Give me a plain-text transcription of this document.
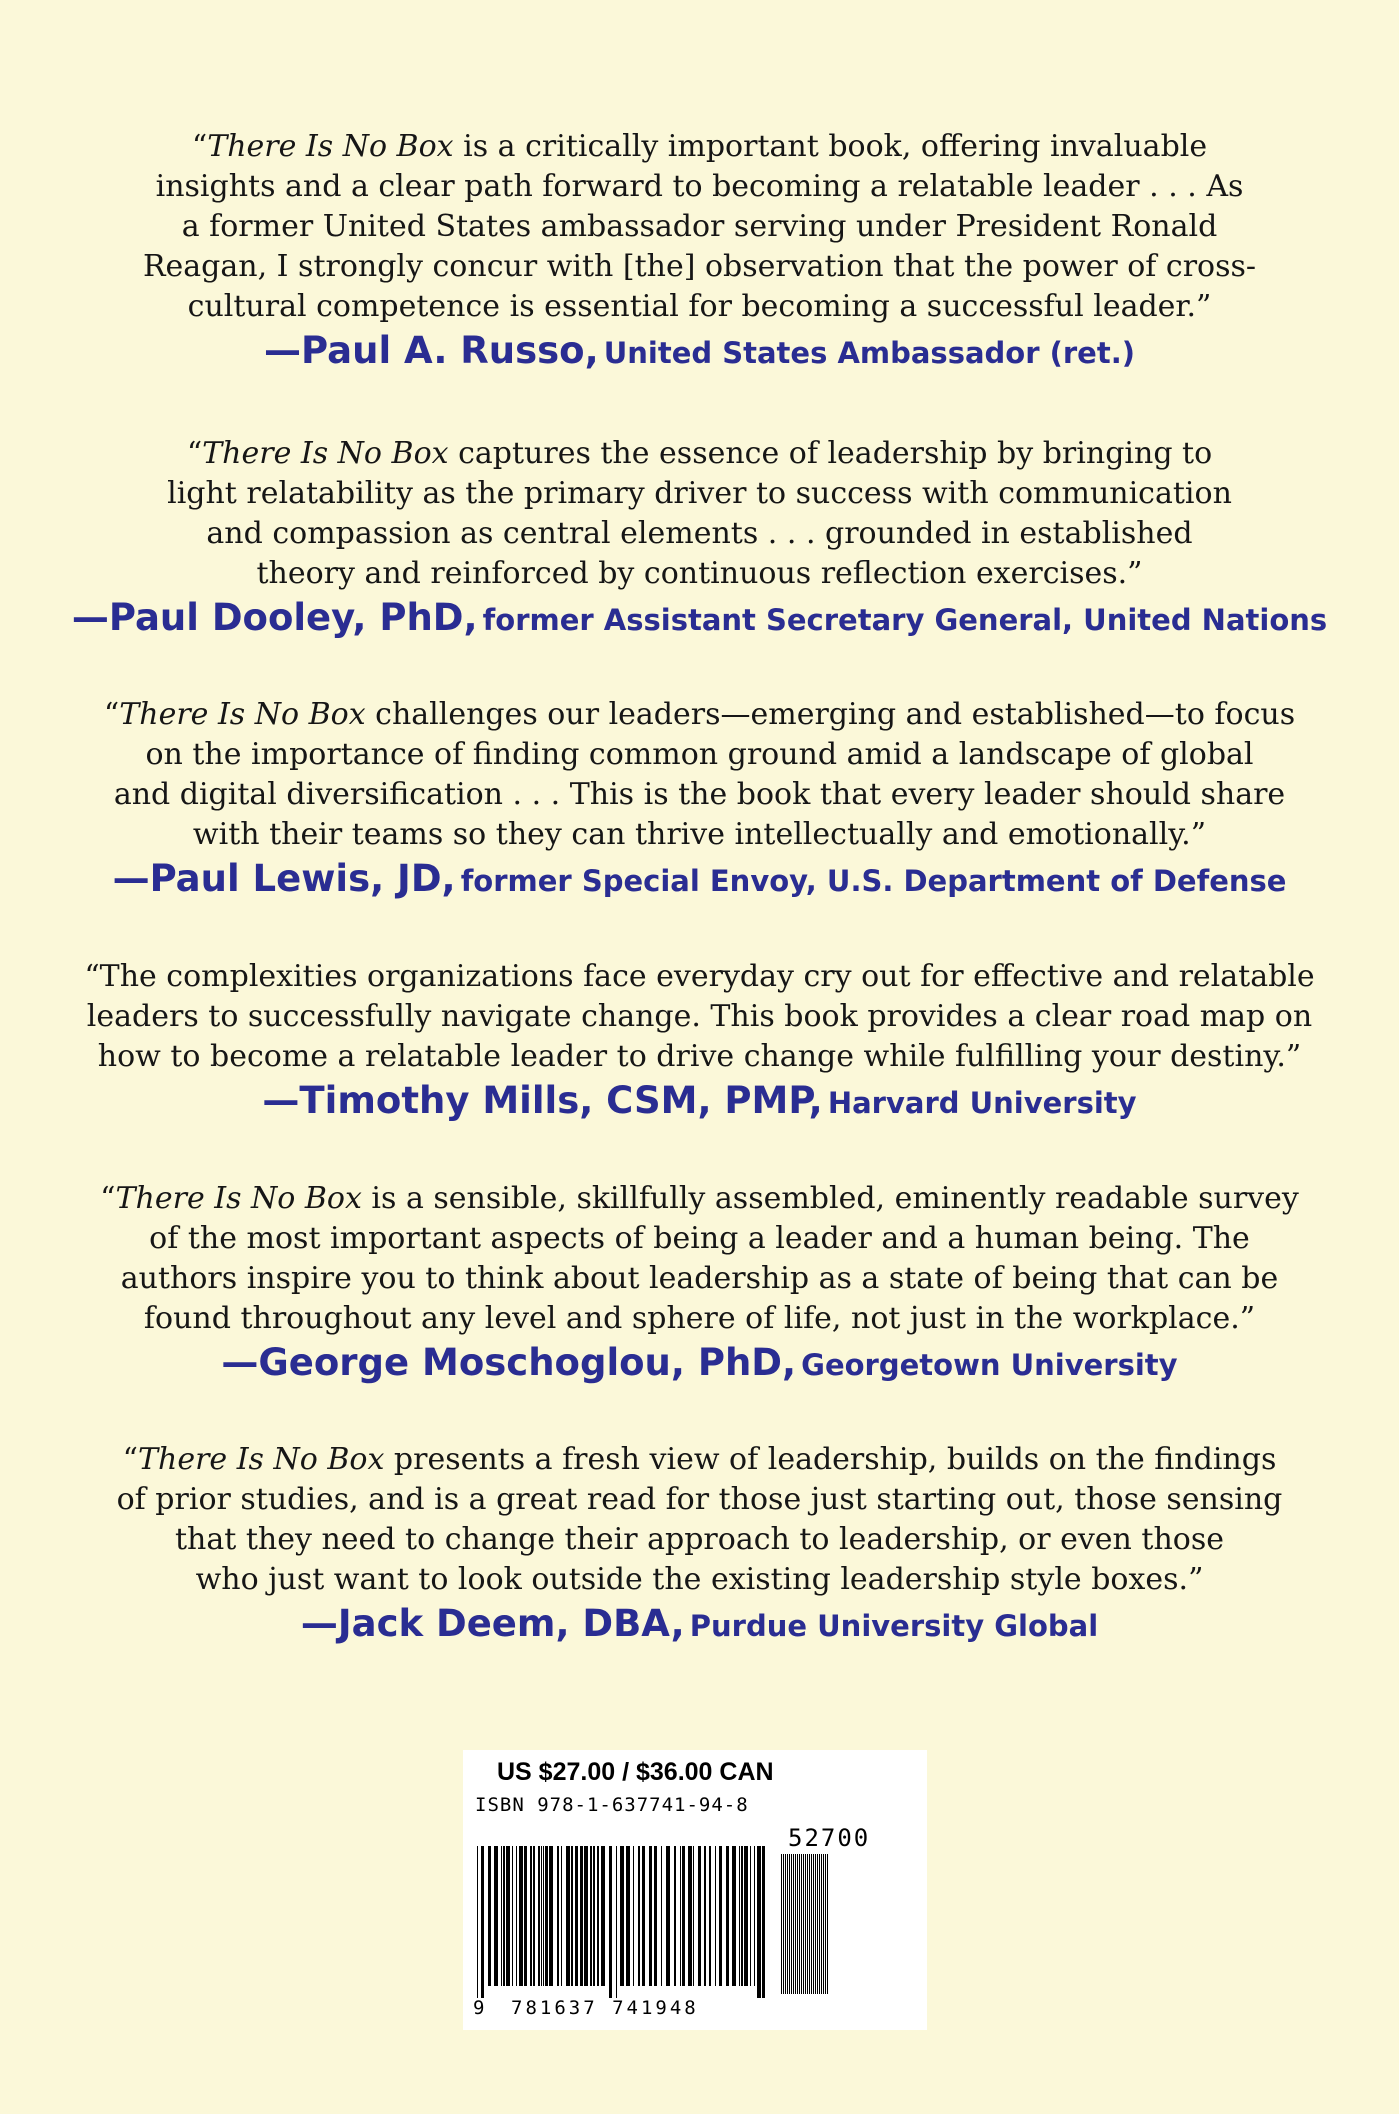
“There Is No Box is a critically important book, offering invaluable
insights and a clear path forward to becoming a relatable leader . . . As
a former United States ambassador serving under President Ronald
Reagan, I strongly concur with [the] observation that the power of cross-
cultural competence is essential for becoming a successful leader.”

—Paul A. Russo, United States Ambassador (ret.)

“There Is No Box captures the essence of leadership by bringing to
light relatability as the primary driver to success with communication
and compassion as central elements . . . grounded in established
theory and reinforced by continuous reflection exercises.”

—Paul Dooley, PhD, former Assistant Secretary General, United Nations

“There Is No Box challenges our leaders—emerging and established—to focus
on the importance of finding common ground amid a landscape of global
and digital diversification . . . This is the book that every leader should share
with their teams so they can thrive intellectually and emotionally.”

—Paul Lewis, JD, former Special Envoy, U.S. Department of Defense

“The complexities organizations face everyday cry out for effective and relatable
leaders to successfully navigate change. This book provides a clear road map on
how to become a relatable leader to drive change while fulfilling your destiny.”

—Timothy Mills, CSM, PMP, Harvard University

“There Is No Box is a sensible, skillfully assembled, eminently readable survey
of the most important aspects of being a leader and a human being. The
authors inspire you to think about leadership as a state of being that can be
found throughout any level and sphere of life, not just in the workplace.”

—George Moschoglou, PhD, Georgetown University

“There Is No Box presents a fresh view of leadership, builds on the findings
of prior studies, and is a great read for those just starting out, those sensing
that they need to change their approach to leadership, or even those
who just want to look outside the existing leadership style boxes.”

—Jack Deem, DBA, Purdue University Global
US $27.00 / $36.00 CAN
ISBN 978-1-637741-94-8
52700
9 781637 741948
